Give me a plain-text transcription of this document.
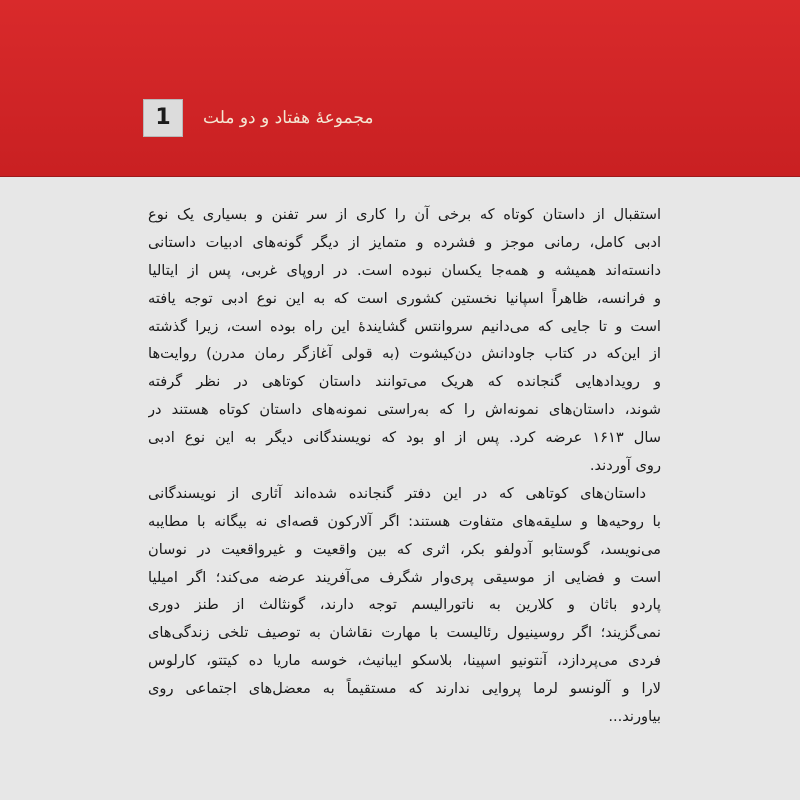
1	مجموعهٔ هفتاد و دو ملت
استقبال از داستان کوتاه که برخی آن را کاری از سر تفنن و بسیاری یک نوع
ادبی کامل، رمانی موجز و فشرده و متمایز از دیگر گونه‌های ادبیات داستانی
دانسته‌اند همیشه و همه‌جا یکسان نبوده است. در اروپای غربی، پس از ایتالیا
و فرانسه، ظاهراً اسپانیا نخستین کشوری است که به این نوع ادبی توجه یافته
است و تا جایی که می‌دانیم سروانتس گشایندهٔ این راه بوده است، زیرا گذشته
از این‌که در کتاب جاودانش دن‌کیشوت (به قولی آغازگر رمان مدرن) روایت‌ها
و رویدادهایی گنجانده که هریک می‌توانند داستان کوتاهی در نظر گرفته
شوند، داستان‌های نمونه‌اش را که به‌راستی نمونه‌های داستان کوتاه هستند در
سال ۱۶۱۳ عرضه کرد. پس از او بود که نویسندگانی دیگر به این نوع ادبی
روی آوردند.
داستان‌های کوتاهی که در این دفتر گنجانده شده‌اند آثاری از نویسندگانی
با روحیه‌ها و سلیقه‌های متفاوت هستند: اگر آلارکون قصه‌ای نه بیگانه با مطایبه
می‌نویسد، گوستابو آدولفو بکر، اثری که بین واقعیت و غیرواقعیت در نوسان
است و فضایی از موسیقی پری‌وار شگرف می‌آفریند عرضه می‌کند؛ اگر امیلیا
پاردو باثان و کلارین به ناتورالیسم توجه دارند، گونثالث از طنز دوری
نمی‌گزیند؛ اگر روسینیول رئالیست با مهارت نقاشان به توصیف تلخی زندگی‌های
فردی می‌پردازد، آنتونیو اسپینا، بلاسکو ایبانیث، خوسه ماریا ده کیتتو، کارلوس
لارا و آلونسو لرما پروایی ندارند که مستقیماً به معضل‌های اجتماعی روی
بیاورند...
